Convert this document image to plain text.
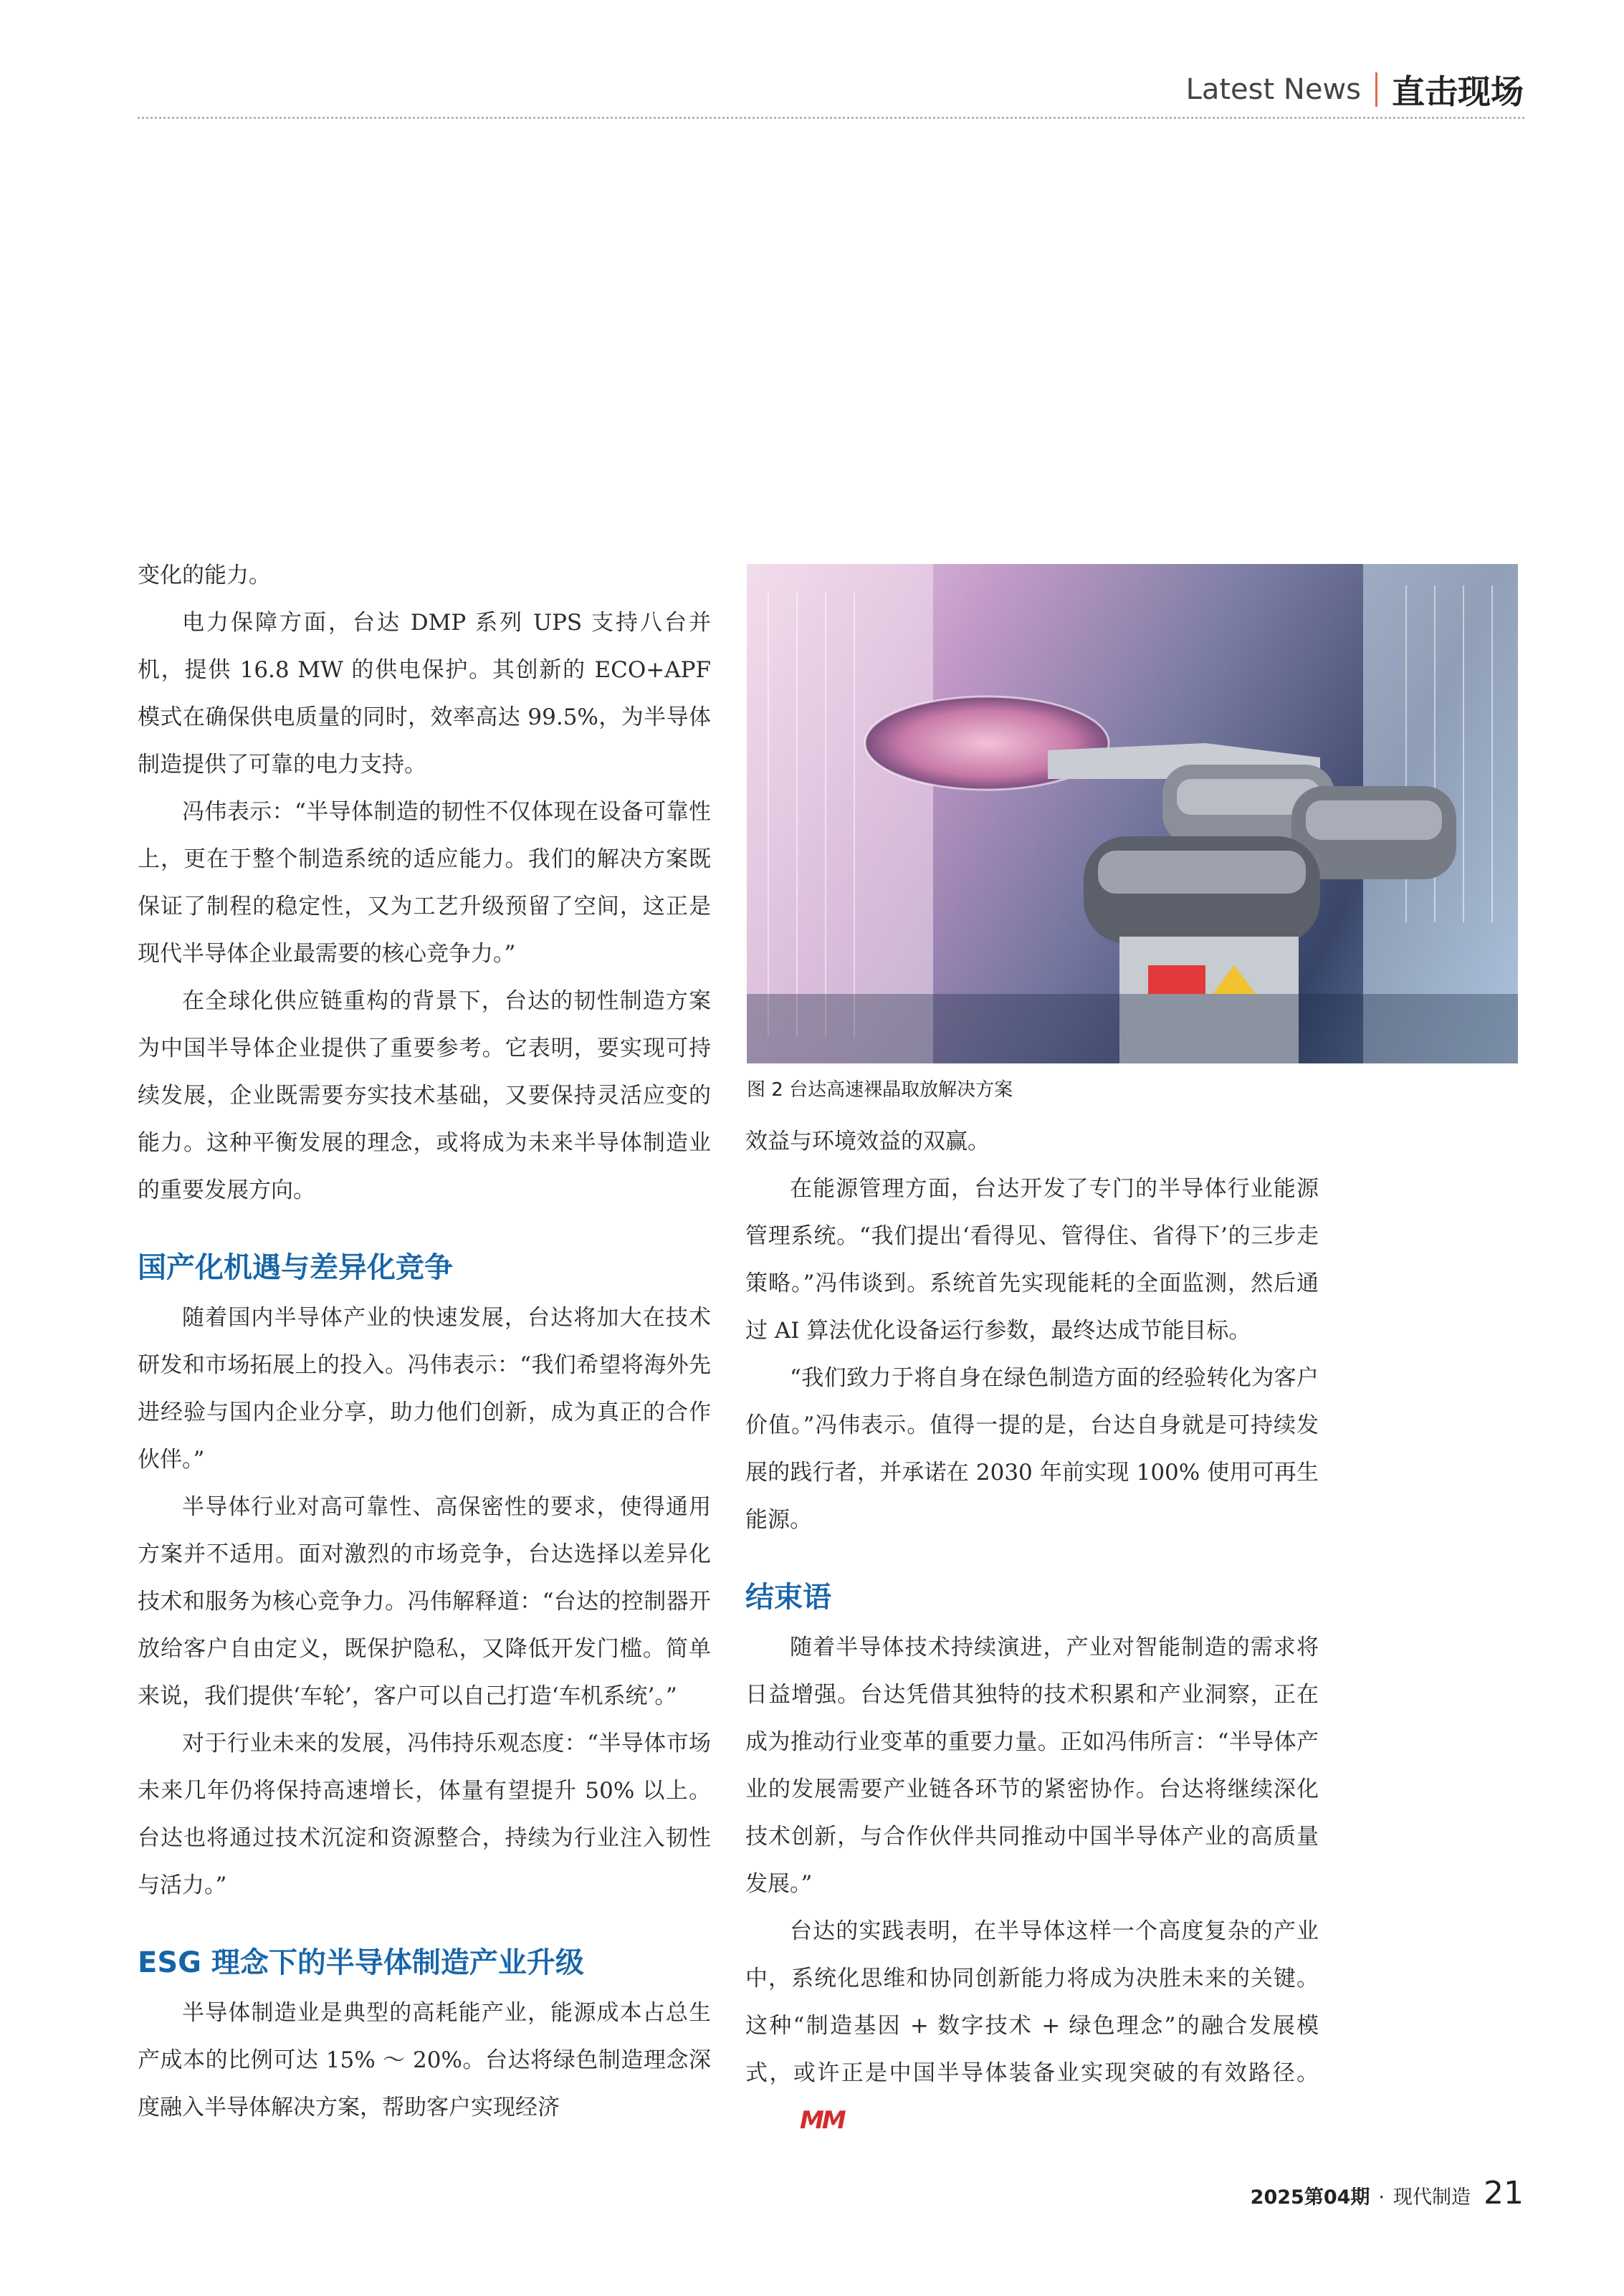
Latest News 直击现场

变化的能力。

电力保障方面，台达 DMP 系列 UPS 支持八台并机，提供 16.8 MW 的供电保护。其创新的 ECO+APF 模式在确保供电质量的同时，效率高达 99.5%，为半导体制造提供了可靠的电力支持。

冯伟表示：“半导体制造的韧性不仅体现在设备可靠性上，更在于整个制造系统的适应能力。我们的解决方案既保证了制程的稳定性，又为工艺升级预留了空间，这正是现代半导体企业最需要的核心竞争力。”

在全球化供应链重构的背景下，台达的韧性制造方案为中国半导体企业提供了重要参考。它表明，要实现可持续发展，企业既需要夯实技术基础，又要保持灵活应变的能力。这种平衡发展的理念，或将成为未来半导体制造业的重要发展方向。

国产化机遇与差异化竞争

随着国内半导体产业的快速发展，台达将加大在技术研发和市场拓展上的投入。冯伟表示：“我们希望将海外先进经验与国内企业分享，助力他们创新，成为真正的合作伙伴。”

半导体行业对高可靠性、高保密性的要求，使得通用方案并不适用。面对激烈的市场竞争，台达选择以差异化技术和服务为核心竞争力。冯伟解释道：“台达的控制器开放给客户自由定义，既保护隐私，又降低开发门槛。简单来说，我们提供‘车轮’，客户可以自己打造‘车机系统’。”

对于行业未来的发展，冯伟持乐观态度：“半导体市场未来几年仍将保持高速增长，体量有望提升 50% 以上。台达也将通过技术沉淀和资源整合，持续为行业注入韧性与活力。”

ESG 理念下的半导体制造产业升级

半导体制造业是典型的高耗能产业，能源成本占总生产成本的比例可达 15% ～ 20%。台达将绿色制造理念深度融入半导体解决方案，帮助客户实现经济

图 2 台达高速裸晶取放解决方案

效益与环境效益的双赢。

在能源管理方面，台达开发了专门的半导体行业能源管理系统。“我们提出‘看得见、管得住、省得下’的三步走策略。”冯伟谈到。系统首先实现能耗的全面监测，然后通过 AI 算法优化设备运行参数，最终达成节能目标。

“我们致力于将自身在绿色制造方面的经验转化为客户价值。”冯伟表示。值得一提的是，台达自身就是可持续发展的践行者，并承诺在 2030 年前实现 100% 使用可再生能源。

结束语

随着半导体技术持续演进，产业对智能制造的需求将日益增强。台达凭借其独特的技术积累和产业洞察，正在成为推动行业变革的重要力量。正如冯伟所言：“半导体产业的发展需要产业链各环节的紧密协作。台达将继续深化技术创新，与合作伙伴共同推动中国半导体产业的高质量发展。”

台达的实践表明，在半导体这样一个高度复杂的产业中，系统化思维和协同创新能力将成为决胜未来的关键。这种“制造基因 + 数字技术 + 绿色理念”的融合发展模式，或许正是中国半导体装备业实现突破的有效路径。MM

2025第04期 · 现代制造 21
